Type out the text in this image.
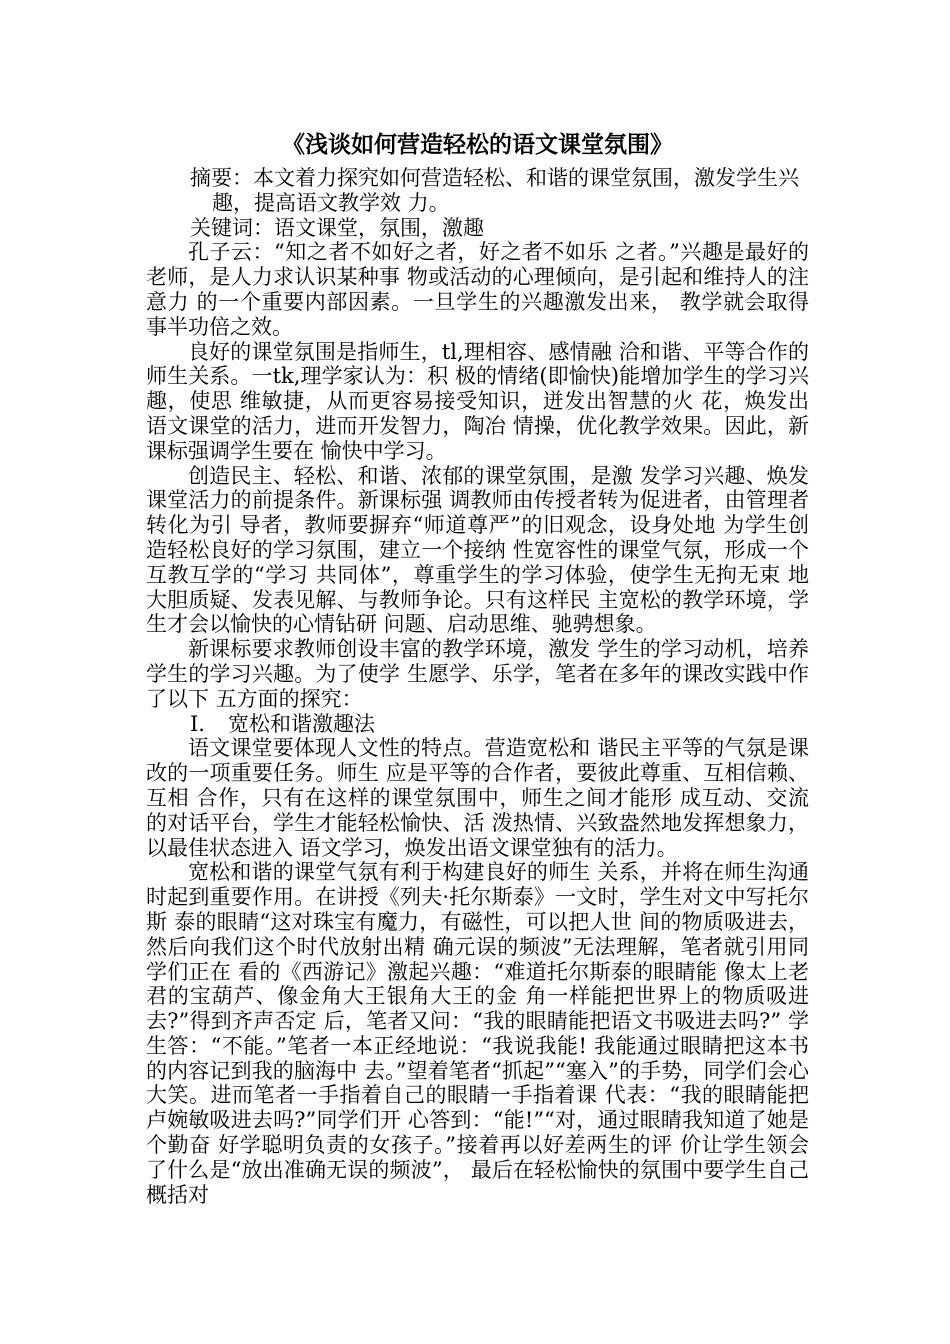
《浅谈如何营造轻松的语文课堂氛围》

摘要：本文着力探究如何营造轻松、和谐的课堂氛围，激发学生兴趣，提高语文教学效 力。

关键词：语文课堂，氛围，激趣

孔子云：“知之者不如好之者，好之者不如乐 之者。”兴趣是最好的老师，是人力求认识某种事 物或活动的心理倾向，是引起和维持人的注意力 的一个重要内部因素。一旦学生的兴趣激发出来， 教学就会取得事半功倍之效。

良好的课堂氛围是指师生，tl,理相容、感情融 洽和谐、平等合作的师生关系。一tk,理学家认为：积 极的情绪(即愉快)能增加学生的学习兴趣，使思 维敏捷，从而更容易接受知识，迸发出智慧的火 花，焕发出语文课堂的活力，进而开发智力，陶冶 情操，优化教学效果。因此，新课标强调学生要在 愉快中学习。

创造民主、轻松、和谐、浓郁的课堂氛围，是激 发学习兴趣、焕发课堂活力的前提条件。新课标强 调教师由传授者转为促进者，由管理者转化为引 导者，教师要摒弃“师道尊严”的旧观念，设身处地 为学生创造轻松良好的学习氛围，建立一个接纳 性宽容性的课堂气氛，形成一个互教互学的“学习 共同体”，尊重学生的学习体验，使学生无拘无束 地大胆质疑、发表见解、与教师争论。只有这样民 主宽松的教学环境，学生才会以愉快的心情钻研 问题、启动思维、驰骋想象。

新课标要求教师创设丰富的教学环境，激发 学生的学习动机，培养学生的学习兴趣。为了使学 生愿学、乐学，笔者在多年的课改实践中作了以下 五方面的探究：

I.	宽松和谐激趣法

语文课堂要体现人文性的特点。营造宽松和 谐民主平等的气氛是课改的一项重要任务。师生 应是平等的合作者，要彼此尊重、互相信赖、互相 合作，只有在这样的课堂氛围中，师生之间才能形 成互动、交流的对话平台，学生才能轻松愉快、活 泼热情、兴致盎然地发挥想象力，以最佳状态进入 语文学习，焕发出语文课堂独有的活力。

宽松和谐的课堂气氛有利于构建良好的师生 关系，并将在师生沟通时起到重要作用。在讲授《列夫·托尔斯泰》一文时，学生对文中写托尔斯 泰的眼睛“这对珠宝有魔力，有磁性，可以把人世 间的物质吸进去，然后向我们这个时代放射出精 确元误的频波”无法理解，笔者就引用同学们正在 看的《西游记》激起兴趣：“难道托尔斯泰的眼睛能 像太上老君的宝葫芦、像金角大王银角大王的金 角一样能把世界上的物质吸进去?”得到齐声否定 后，笔者又问：“我的眼睛能把语文书吸进去吗?” 学生答：“不能。”笔者一本正经地说：“我说我能! 我能通过眼睛把这本书的内容记到我的脑海中 去。”望着笔者“抓起”“塞入”的手势，同学们会心 大笑。进而笔者一手指着自己的眼睛一手指着课 代表：“我的眼睛能把卢婉敏吸进去吗?”同学们开 心答到：“能!”“对，通过眼睛我知道了她是个勤奋 好学聪明负责的女孩子。”接着再以好差两生的评 价让学生领会了什么是“放出准确无误的频波”， 最后在轻松愉快的氛围中要学生自己概括对
